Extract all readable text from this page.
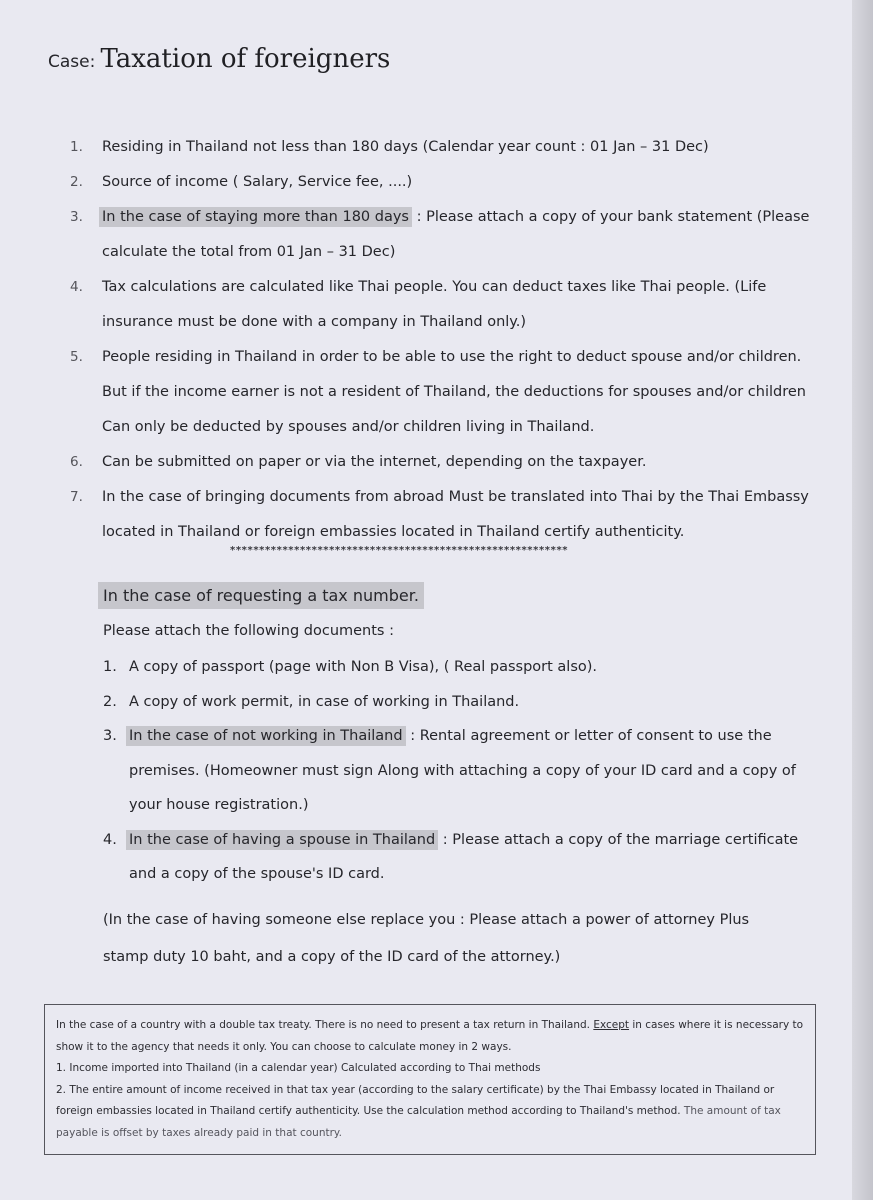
Case: Taxation of foreigners
1. Residing in Thailand not less than 180 days (Calendar year count : 01 Jan – 31 Dec)
2. Source of income ( Salary, Service fee, ....)
3. In the case of staying more than 180 days : Please attach a copy of your bank statement (Please calculate the total from 01 Jan – 31 Dec)
4. Tax calculations are calculated like Thai people. You can deduct taxes like Thai people. (Life insurance must be done with a company in Thailand only.)
5. People residing in Thailand in order to be able to use the right to deduct spouse and/or children. But if the income earner is not a resident of Thailand, the deductions for spouses and/or children Can only be deducted by spouses and/or children living in Thailand.
6. Can be submitted on paper or via the internet, depending on the taxpayer.
7. In the case of bringing documents from abroad Must be translated into Thai by the Thai Embassy located in Thailand or foreign embassies located in Thailand certify authenticity.
**********************************************************
In the case of requesting a tax number.
Please attach the following documents :
1. A copy of passport (page with Non B Visa), ( Real passport also).
2. A copy of work permit, in case of working in Thailand.
3. In the case of not working in Thailand : Rental agreement or letter of consent to use the premises. (Homeowner must sign Along with attaching a copy of your ID card and a copy of your house registration.)
4. In the case of having a spouse in Thailand : Please attach a copy of the marriage certificate and a copy of the spouse's ID card.
(In the case of having someone else replace you : Please attach a power of attorney Plus stamp duty 10 baht, and a copy of the ID card of the attorney.)

In the case of a country with a double tax treaty. There is no need to present a tax return in Thailand. Except in cases where it is necessary to show it to the agency that needs it only. You can choose to calculate money in 2 ways.

1. Income imported into Thailand (in a calendar year) Calculated according to Thai methods

2. The entire amount of income received in that tax year (according to the salary certificate) by the Thai Embassy located in Thailand or foreign embassies located in Thailand certify authenticity. Use the calculation method according to Thailand's method. The amount of tax payable is offset by taxes already paid in that country.
